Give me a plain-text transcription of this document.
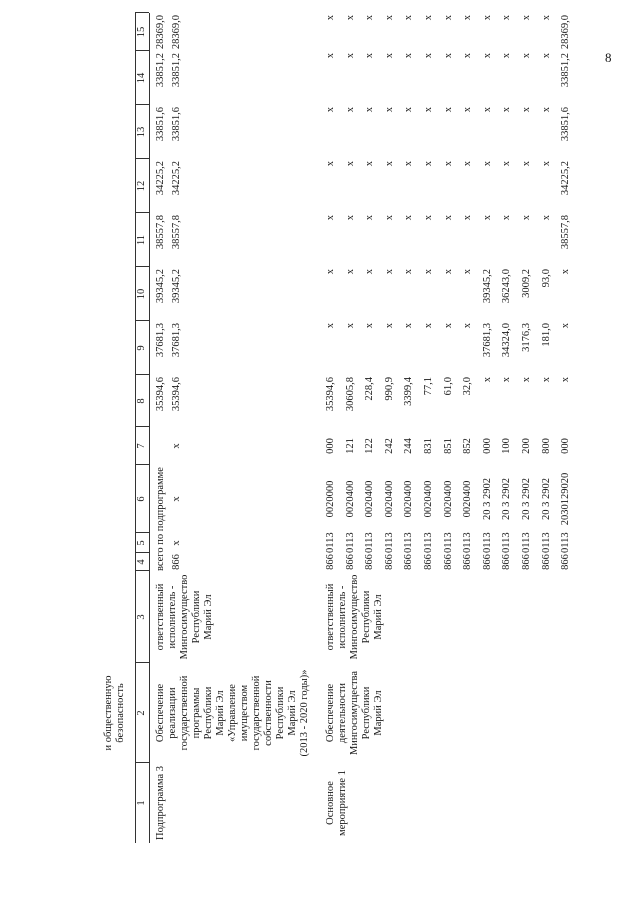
8
1
2
3
4
5
6
7
8
9
10
11
12
13
14
15
и общественную
безопасность
Подпрограмма 3
Обеспечение
реализации
государственной
программы
Республики
Марий Эл
«Управление
имуществом
государственной
собственности
Республики
Марий Эл
(2013 - 2020 годы)»
ответственный
исполнитель -
Мингосимущество
Республики
Марий Эл
всего по подпрограмме
35394,6
37681,3
39345,2
38557,8
34225,2
33851,6
33851,2
28369,0
866
х
х
х
35394,6
37681,3
39345,2
38557,8
34225,2
33851,6
33851,2
28369,0
Основное
мероприятие 1
Обеспечение
деятельности
Мингосимущества
Республики
Марий Эл
ответственный
исполнитель -
Мингосимущество
Республики
Марий Эл
866
0113
0020000
000
35394,6
х
х
х
х
х
х
х
866
0113
0020400
121
30605,8
х
х
х
х
х
х
х
866
0113
0020400
122
228,4
х
х
х
х
х
х
х
866
0113
0020400
242
990,9
х
х
х
х
х
х
х
866
0113
0020400
244
3399,4
х
х
х
х
х
х
х
866
0113
0020400
831
77,1
х
х
х
х
х
х
х
866
0113
0020400
851
61,0
х
х
х
х
х
х
х
866
0113
0020400
852
32,0
х
х
х
х
х
х
х
866
0113
20 3 2902
000
х
37681,3
39345,2
х
х
х
х
х
866
0113
20 3 2902
100
х
34324,0
36243,0
х
х
х
х
х
866
0113
20 3 2902
200
х
3176,3
3009,2
х
х
х
х
х
866
0113
20 3 2902
800
х
181,0
93,0
х
х
х
х
х
866
0113
2030129020
000
х
х
х
38557,8
34225,2
33851,6
33851,2
28369,0
